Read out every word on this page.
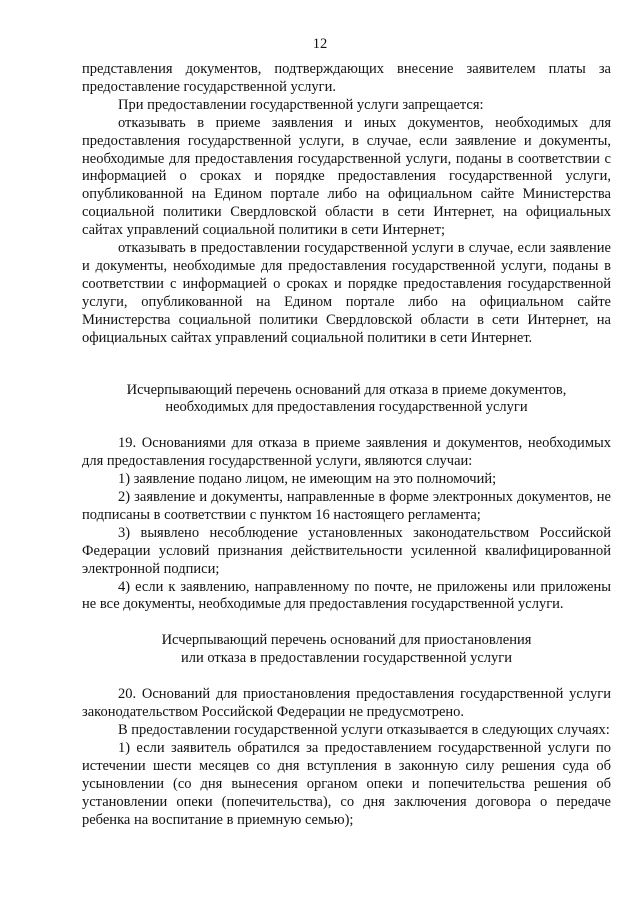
12

представления документов, подтверждающих внесение заявителем платы за предоставление государственной услуги.

При предоставлении государственной услуги запрещается:

отказывать в приеме заявления и иных документов, необходимых для предоставления государственной услуги, в случае, если заявление и документы, необходимые для предоставления государственной услуги, поданы в соответствии с информацией о сроках и порядке предоставления государственной услуги, опубликованной на Едином портале либо на официальном сайте Министерства социальной политики Свердловской области в сети Интернет, на официальных сайтах управлений социальной политики в сети Интернет;

отказывать в предоставлении государственной услуги в случае, если заявление и документы, необходимые для предоставления государственной услуги, поданы в соответствии с информацией о сроках и порядке предоставления государственной услуги, опубликованной на Едином портале либо на официальном сайте Министерства социальной политики Свердловской области в сети Интернет, на официальных сайтах управлений социальной политики в сети Интернет.

Исчерпывающий перечень оснований для отказа в приеме документов,
необходимых для предоставления государственной услуги

19. Основаниями для отказа в приеме заявления и документов, необходимых для предоставления государственной услуги, являются случаи:

1) заявление подано лицом, не имеющим на это полномочий;

2) заявление и документы, направленные в форме электронных документов, не подписаны в соответствии с пунктом 16 настоящего регламента;

3) выявлено несоблюдение установленных законодательством Российской Федерации условий признания действительности усиленной квалифицированной электронной подписи;

4) если к заявлению, направленному по почте, не приложены или приложены не все документы, необходимые для предоставления государственной услуги.

Исчерпывающий перечень оснований для приостановления
или отказа в предоставлении государственной услуги

20. Оснований для приостановления предоставления государственной услуги законодательством Российской Федерации не предусмотрено.

В предоставлении государственной услуги отказывается в следующих случаях:

1) если заявитель обратился за предоставлением государственной услуги по истечении шести месяцев со дня вступления в законную силу решения суда об усыновлении (со дня вынесения органом опеки и попечительства решения об установлении опеки (попечительства), со дня заключения договора о передаче ребенка на воспитание в приемную семью);
